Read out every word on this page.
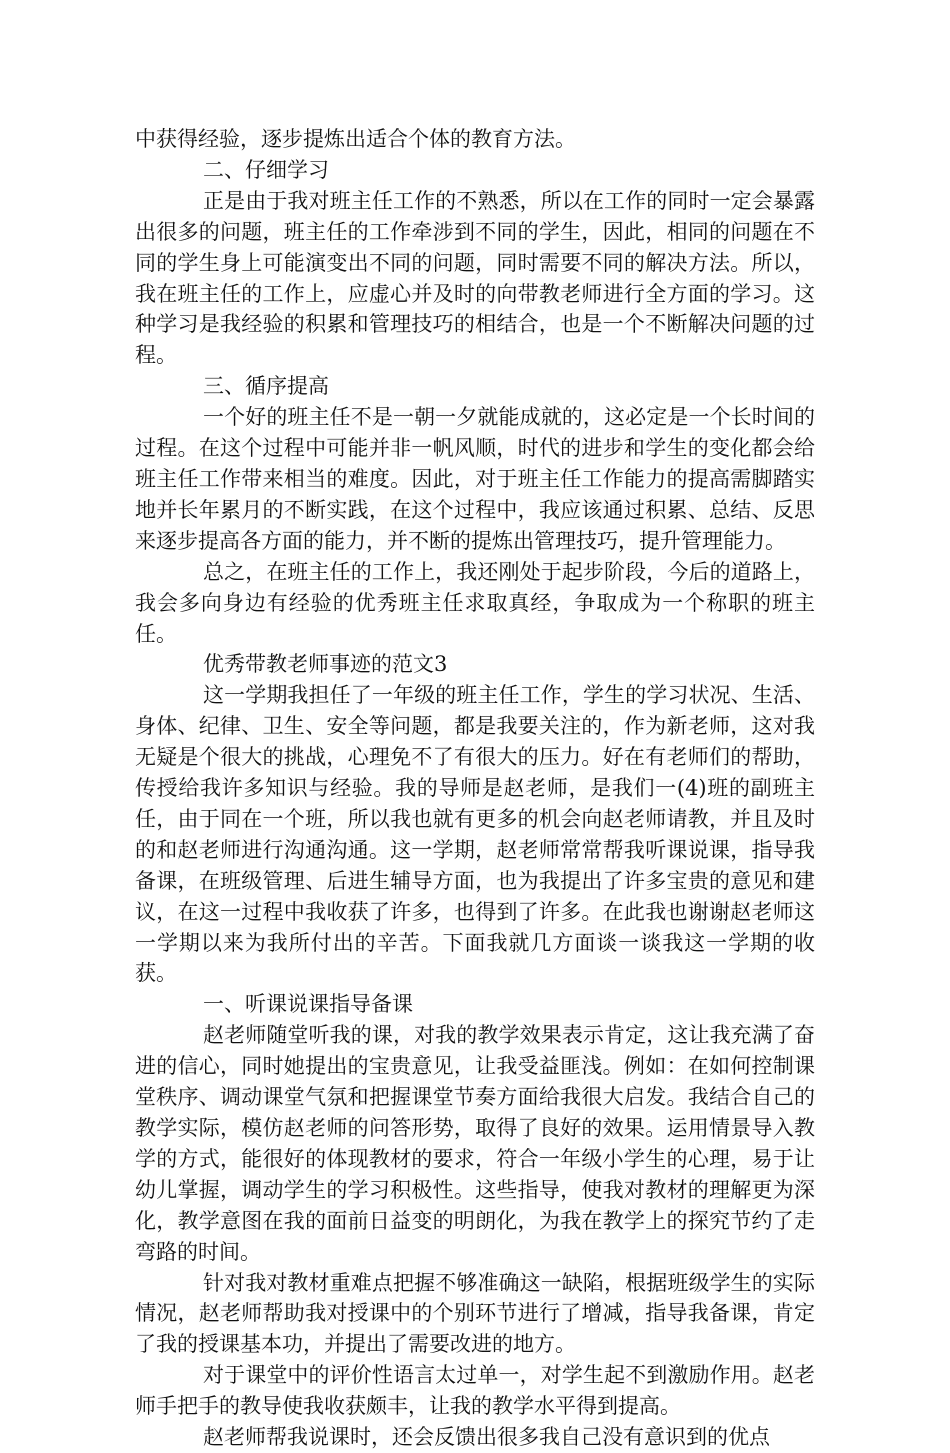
中获得经验，逐步提炼出适合个体的教育方法。

二、仔细学习

正是由于我对班主任工作的不熟悉，所以在工作的同时一定会暴露出很多的问题，班主任的工作牵涉到不同的学生，因此，相同的问题在不同的学生身上可能演变出不同的问题，同时需要不同的解决方法。所以，我在班主任的工作上，应虚心并及时的向带教老师进行全方面的学习。这种学习是我经验的积累和管理技巧的相结合，也是一个不断解决问题的过程。

三、循序提高

一个好的班主任不是一朝一夕就能成就的，这必定是一个长时间的过程。在这个过程中可能并非一帆风顺，时代的进步和学生的变化都会给班主任工作带来相当的难度。因此，对于班主任工作能力的提高需脚踏实地并长年累月的不断实践，在这个过程中，我应该通过积累、总结、反思来逐步提高各方面的能力，并不断的提炼出管理技巧，提升管理能力。

总之，在班主任的工作上，我还刚处于起步阶段，今后的道路上，我会多向身边有经验的优秀班主任求取真经，争取成为一个称职的班主任。

优秀带教老师事迹的范文3

这一学期我担任了一年级的班主任工作，学生的学习状况、生活、身体、纪律、卫生、安全等问题，都是我要关注的，作为新老师，这对我无疑是个很大的挑战，心理免不了有很大的压力。好在有老师们的帮助，传授给我许多知识与经验。我的导师是赵老师，是我们一(4)班的副班主任，由于同在一个班，所以我也就有更多的机会向赵老师请教，并且及时的和赵老师进行沟通沟通。这一学期，赵老师常常帮我听课说课，指导我备课，在班级管理、后进生辅导方面，也为我提出了许多宝贵的意见和建议，在这一过程中我收获了许多，也得到了许多。在此我也谢谢赵老师这一学期以来为我所付出的辛苦。下面我就几方面谈一谈我这一学期的收获。

一、听课说课指导备课

赵老师随堂听我的课，对我的教学效果表示肯定，这让我充满了奋进的信心，同时她提出的宝贵意见，让我受益匪浅。例如：在如何控制课堂秩序、调动课堂气氛和把握课堂节奏方面给我很大启发。我结合自己的教学实际，模仿赵老师的问答形势，取得了良好的效果。运用情景导入教学的方式，能很好的体现教材的要求，符合一年级小学生的心理，易于让幼儿掌握，调动学生的学习积极性。这些指导，使我对教材的理解更为深化，教学意图在我的面前日益变的明朗化，为我在教学上的探究节约了走弯路的时间。

针对我对教材重难点把握不够准确这一缺陷，根据班级学生的实际情况，赵老师帮助我对授课中的个别环节进行了增减，指导我备课，肯定了我的授课基本功，并提出了需要改进的地方。

对于课堂中的评价性语言太过单一，对学生起不到激励作用。赵老师手把手的教导使我收获颇丰，让我的教学水平得到提高。

赵老师帮我说课时，还会反馈出很多我自己没有意识到的优点
